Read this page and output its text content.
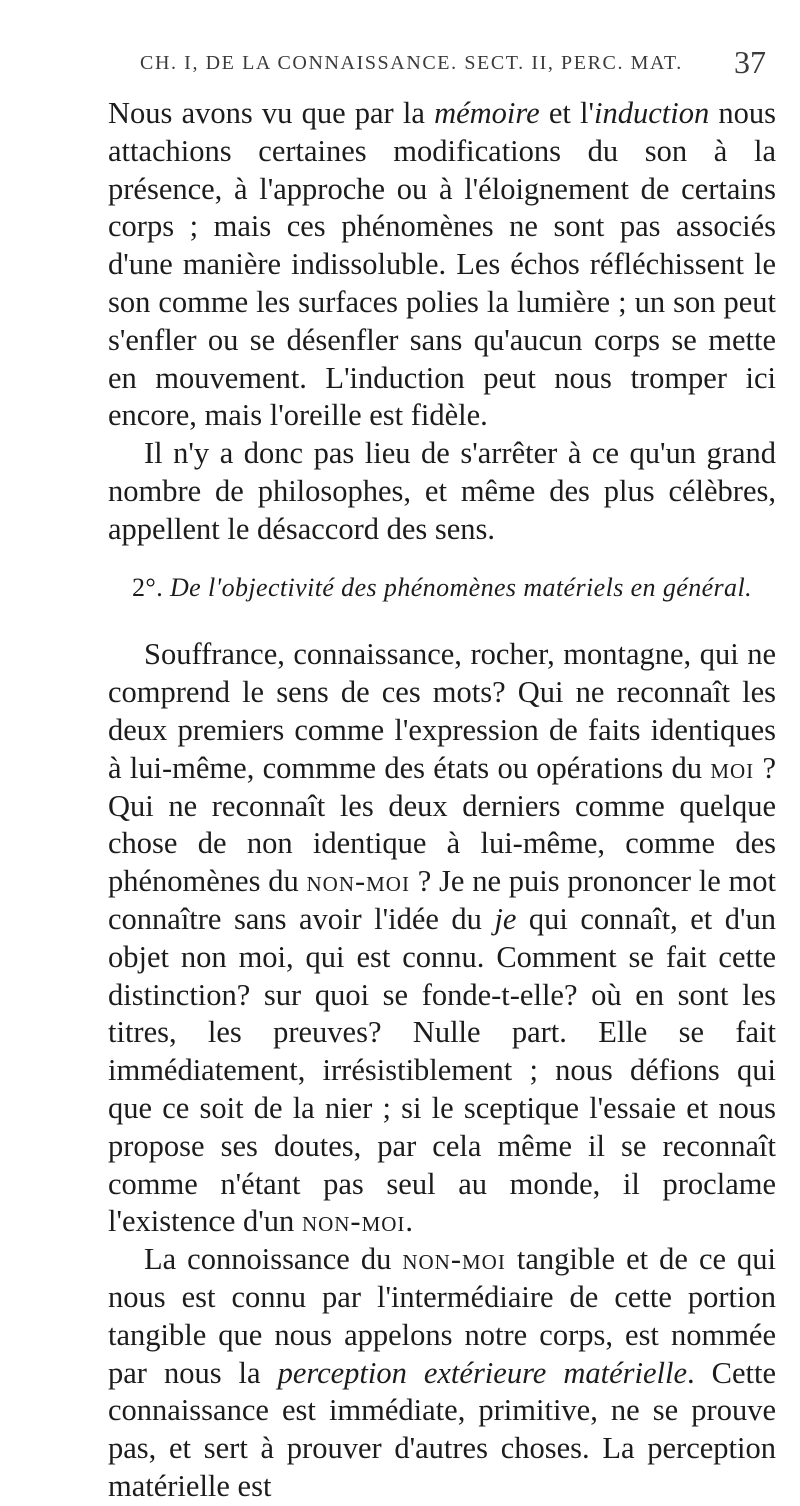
CH. I, DE LA CONNAISSANCE. SECT. II, PERC. MAT.	37

Nous avons vu que par la mémoire et l'induction nous attachions certaines modifications du son à la présence, à l'approche ou à l'éloignement de certains corps ; mais ces phénomènes ne sont pas associés d'une manière indissoluble. Les échos réfléchissent le son comme les surfaces polies la lumière ; un son peut s'enfler ou se désenfler sans qu'aucun corps se mette en mouvement. L'induction peut nous tromper ici encore, mais l'oreille est fidèle.

Il n'y a donc pas lieu de s'arrêter à ce qu'un grand nombre de philosophes, et même des plus célèbres, appellent le désaccord des sens.

2°. De l'objectivité des phénomènes matériels en général.

Souffrance, connaissance, rocher, montagne, qui ne comprend le sens de ces mots? Qui ne reconnaît les deux premiers comme l'expression de faits identiques à lui-même, commme des états ou opérations du moi ? Qui ne reconnaît les deux derniers comme quelque chose de non identique à lui-même, comme des phénomènes du non-moi ? Je ne puis prononcer le mot connaître sans avoir l'idée du je qui connaît, et d'un objet non moi, qui est connu. Comment se fait cette distinction? sur quoi se fonde-t-elle? où en sont les titres, les preuves? Nulle part. Elle se fait immédiatement, irrésistiblement ; nous défions qui que ce soit de la nier ; si le sceptique l'essaie et nous propose ses doutes, par cela même il se reconnaît comme n'étant pas seul au monde, il proclame l'existence d'un non-moi.

La connoissance du non-moi tangible et de ce qui nous est connu par l'intermédiaire de cette portion tangible que nous appelons notre corps, est nommée par nous la perception extérieure matérielle. Cette connaissance est immédiate, primitive, ne se prouve pas, et sert à prouver d'autres choses. La perception matérielle est
